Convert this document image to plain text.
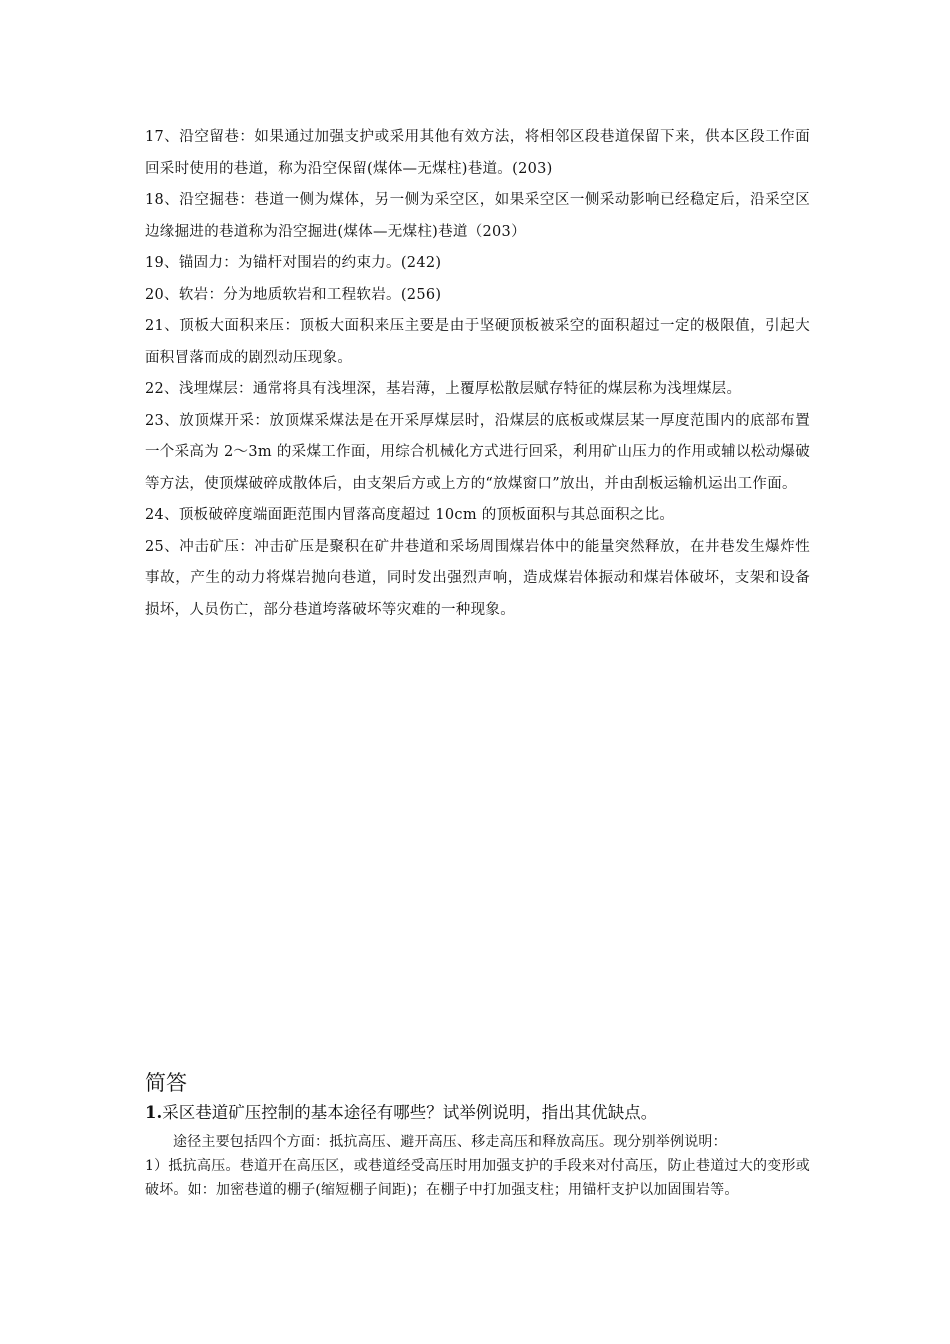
17、沿空留巷：如果通过加强支护或采用其他有效方法，将相邻区段巷道保留下来，供本区段工作面回采时使用的巷道，称为沿空保留(煤体—无煤柱)巷道。(203)

18、沿空掘巷：巷道一侧为煤体，另一侧为采空区，如果采空区一侧采动影响已经稳定后，沿采空区边缘掘进的巷道称为沿空掘进(煤体—无煤柱)巷道（203）

19、锚固力：为锚杆对围岩的约束力。(242)

20、软岩：分为地质软岩和工程软岩。(256)

21、顶板大面积来压：顶板大面积来压主要是由于坚硬顶板被采空的面积超过一定的极限值，引起大面积冒落而成的剧烈动压现象。

22、浅埋煤层：通常将具有浅埋深，基岩薄，上覆厚松散层赋存特征的煤层称为浅埋煤层。

23、放顶煤开采：放顶煤采煤法是在开采厚煤层时，沿煤层的底板或煤层某一厚度范围内的底部布置一个采高为 2～3m 的采煤工作面，用综合机械化方式进行回采，利用矿山压力的作用或辅以松动爆破等方法，使顶煤破碎成散体后，由支架后方或上方的“放煤窗口”放出，并由刮板运输机运出工作面。

24、顶板破碎度端面距范围内冒落高度超过 10cm 的顶板面积与其总面积之比。

25、冲击矿压：冲击矿压是聚积在矿井巷道和采场周围煤岩体中的能量突然释放，在井巷发生爆炸性事故，产生的动力将煤岩抛向巷道，同时发出强烈声响，造成煤岩体振动和煤岩体破坏，支架和设备损坏，人员伤亡，部分巷道垮落破坏等灾难的一种现象。

简答

1.采区巷道矿压控制的基本途径有哪些？试举例说明，指出其优缺点。

途径主要包括四个方面：抵抗高压、避开高压、移走高压和释放高压。现分别举例说明：

1）抵抗高压。巷道开在高压区，或巷道经受高压时用加强支护的手段来对付高压，防止巷道过大的变形或破坏。如：加密巷道的棚子(缩短棚子间距)；在棚子中打加强支柱；用锚杆支护以加固围岩等。
